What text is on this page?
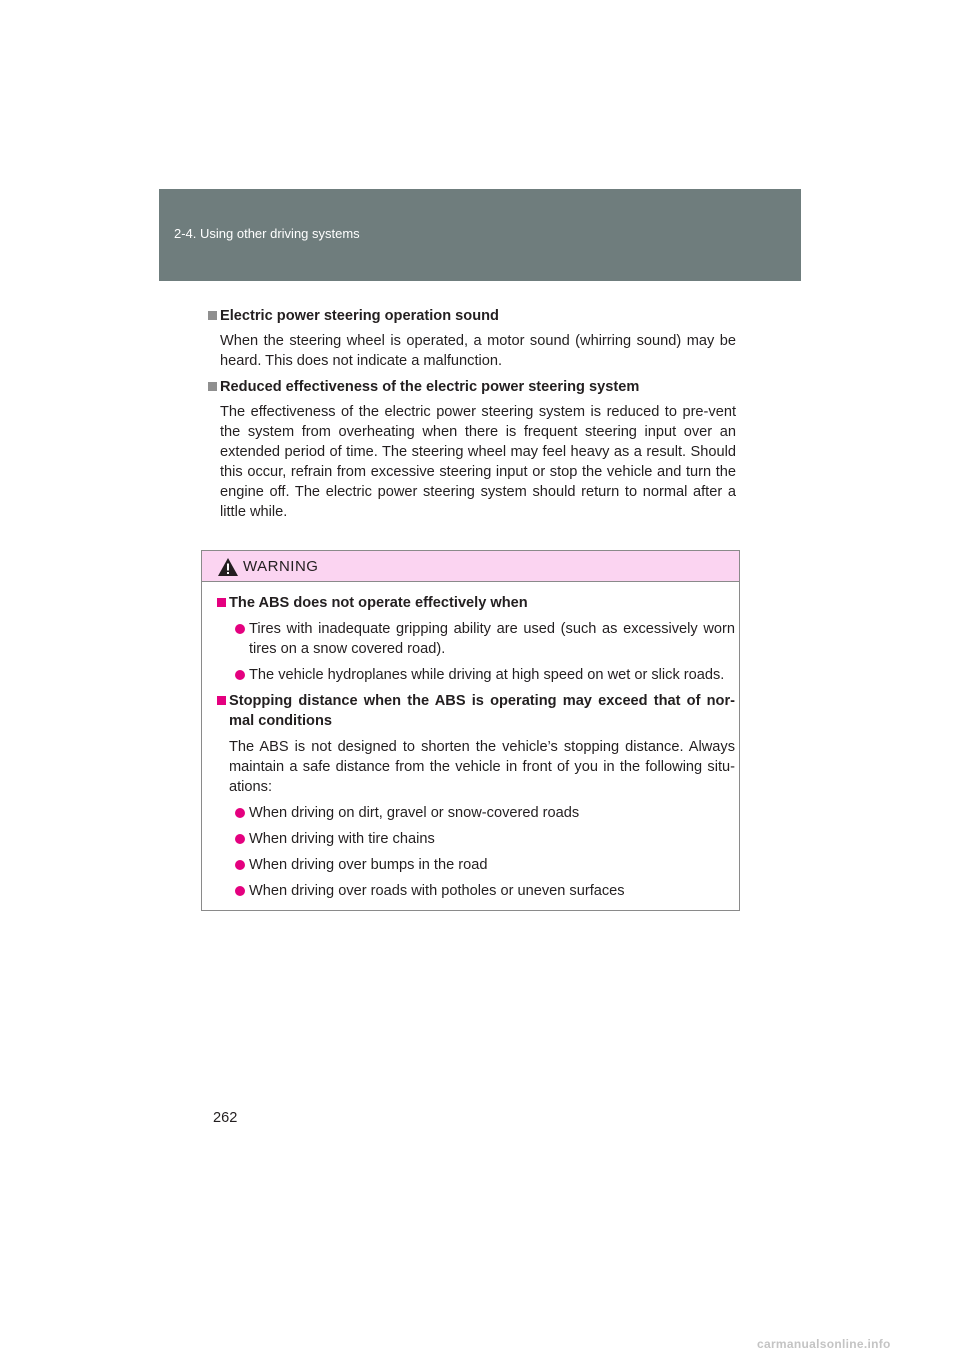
2-4. Using other driving systems
Electric power steering operation sound
When the steering wheel is operated, a motor sound (whirring sound) may be heard. This does not indicate a malfunction.
Reduced effectiveness of the electric power steering system
The effectiveness of the electric power steering system is reduced to pre-vent the system from overheating when there is frequent steering input over an extended period of time. The steering wheel may feel heavy as a result. Should this occur, refrain from excessive steering input or stop the vehicle and turn the engine off. The electric power steering system should return to normal after a little while.
WARNING
The ABS does not operate effectively when
Tires with inadequate gripping ability are used (such as excessively worn tires on a snow covered road).
The vehicle hydroplanes while driving at high speed on wet or slick roads.
Stopping distance when the ABS is operating may exceed that of nor-mal conditions
The ABS is not designed to shorten the vehicle’s stopping distance. Always maintain a safe distance from the vehicle in front of you in the following situ-ations:
When driving on dirt, gravel or snow-covered roads
When driving with tire chains
When driving over bumps in the road
When driving over roads with potholes or uneven surfaces
262
carmanualsonline.info
